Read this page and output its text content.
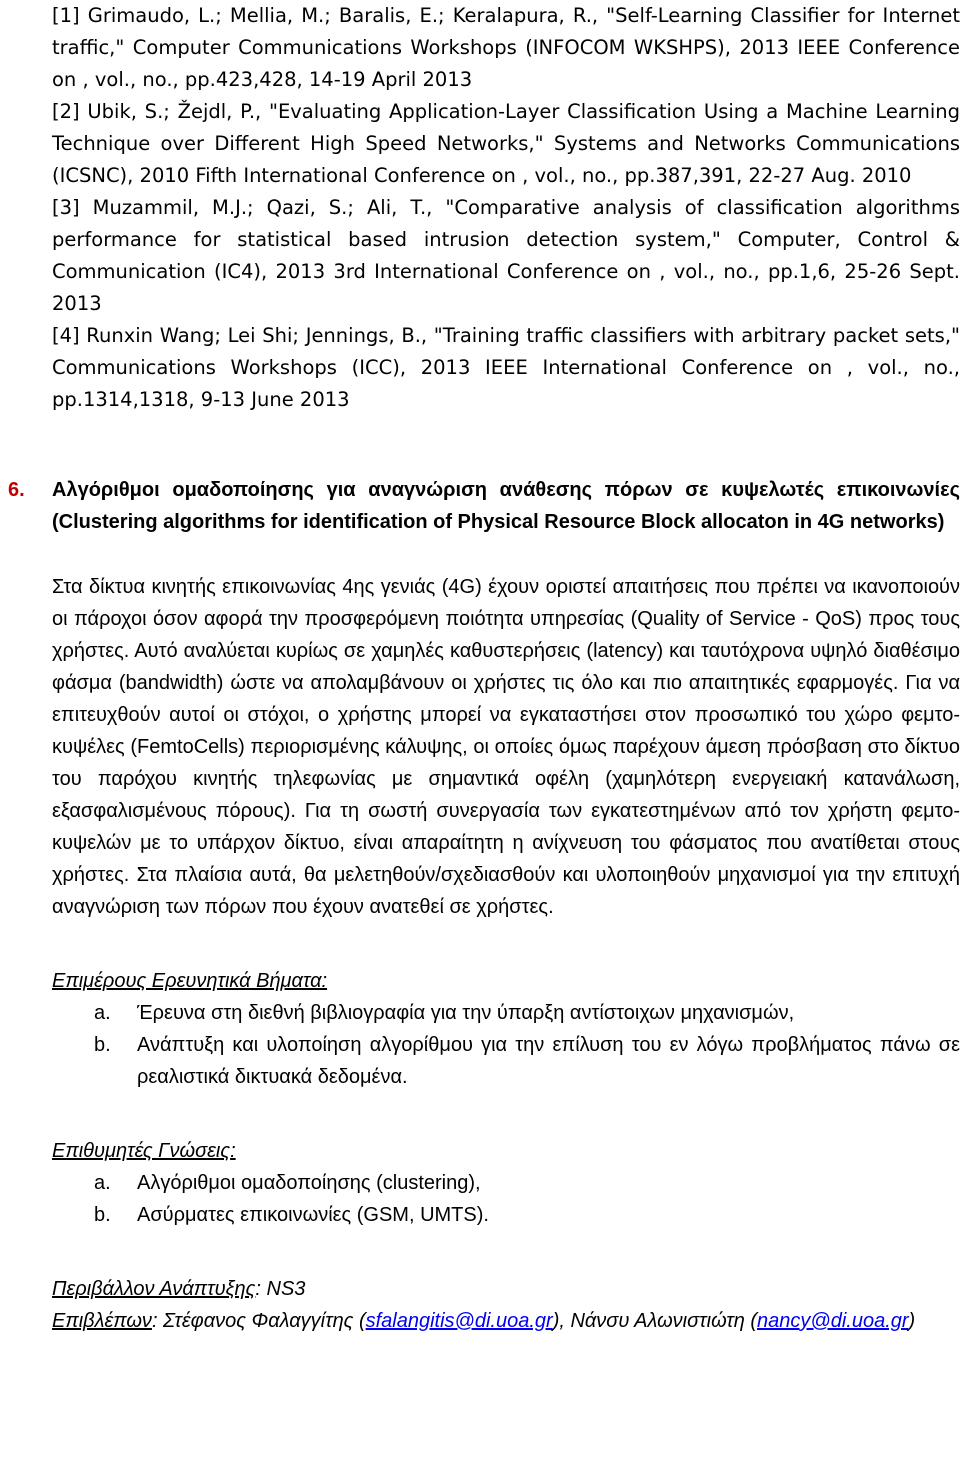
[1] Grimaudo, L.; Mellia, M.; Baralis, E.; Keralapura, R., "Self-Learning Classifier for Internet traffic," Computer Communications Workshops (INFOCOM WKSHPS), 2013 IEEE Conference on , vol., no., pp.423,428, 14-19 April 2013

[2] Ubik, S.; Žejdl, P., "Evaluating Application-Layer Classification Using a Machine Learning Technique over Different High Speed Networks," Systems and Networks Communications (ICSNC), 2010 Fifth International Conference on , vol., no., pp.387,391, 22-27 Aug. 2010

[3] Muzammil, M.J.; Qazi, S.; Ali, T., "Comparative analysis of classification algorithms performance for statistical based intrusion detection system," Computer, Control & Communication (IC4), 2013 3rd International Conference on , vol., no., pp.1,6, 25-26 Sept. 2013

[4] Runxin Wang; Lei Shi; Jennings, B., "Training traffic classifiers with arbitrary packet sets," Communications Workshops (ICC), 2013 IEEE International Conference on , vol., no., pp.1314,1318, 9-13 June 2013

6. Αλγόριθμοι ομαδοποίησης για αναγνώριση ανάθεσης πόρων σε κυψελωτές επικοινωνίες (Clustering algorithms for identification of Physical Resource Block allocaton in 4G networks)

Στα δίκτυα κινητής επικοινωνίας 4ης γενιάς (4G) έχουν οριστεί απαιτήσεις που πρέπει να ικανοποιούν οι πάροχοι όσον αφορά την προσφερόμενη ποιότητα υπηρεσίας (Quality of Service - QoS) προς τους χρήστες. Αυτό αναλύεται κυρίως σε χαμηλές καθυστερήσεις (latency) και ταυτόχρονα υψηλό διαθέσιμο φάσμα (bandwidth) ώστε να απολαμβάνουν οι χρήστες τις όλο και πιο απαιτητικές εφαρμογές. Για να επιτευχθούν αυτοί οι στόχοι, ο χρήστης μπορεί να εγκαταστήσει στον προσωπικό του χώρο φεμτο-κυψέλες (FemtoCells) περιορισμένης κάλυψης, οι οποίες όμως παρέχουν άμεση πρόσβαση στο δίκτυο του παρόχου κινητής τηλεφωνίας με σημαντικά οφέλη (χαμηλότερη ενεργειακή κατανάλωση, εξασφαλισμένους πόρους). Για τη σωστή συνεργασία των εγκατεστημένων από τον χρήστη φεμτο-κυψελών με το υπάρχον δίκτυο, είναι απαραίτητη η ανίχνευση του φάσματος που ανατίθεται στους χρήστες. Στα πλαίσια αυτά, θα μελετηθούν/σχεδιασθούν και υλοποιηθούν μηχανισμοί για την επιτυχή αναγνώριση των πόρων που έχουν ανατεθεί σε χρήστες.

Επιμέρους Ερευνητικά Βήματα:

a. Έρευνα στη διεθνή βιβλιογραφία για την ύπαρξη αντίστοιχων μηχανισμών,
b. Ανάπτυξη και υλοποίηση αλγορίθμου για την επίλυση του εν λόγω προβλήματος πάνω σε ρεαλιστικά δικτυακά δεδομένα.

Επιθυμητές Γνώσεις:

a. Αλγόριθμοι ομαδοποίησης (clustering),
b. Ασύρματες επικοινωνίες (GSM, UMTS).
Περιβάλλον Ανάπτυξης: NS3
Επιβλέπων: Στέφανος Φαλαγγίτης (sfalangitis@di.uoa.gr), Νάνσυ Αλωνιστιώτη (nancy@di.uoa.gr)
